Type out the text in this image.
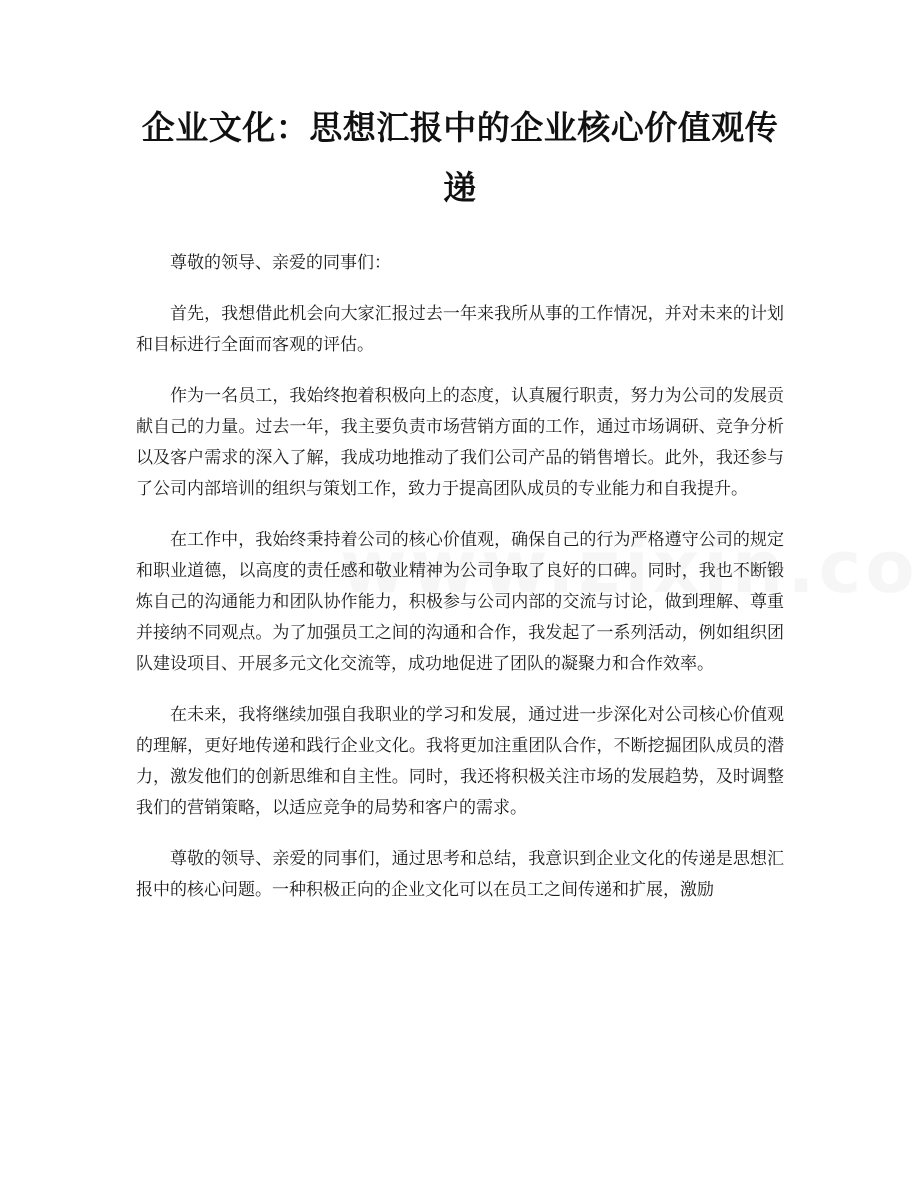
企业文化：思想汇报中的企业核心价值观传递

尊敬的领导、亲爱的同事们：

首先，我想借此机会向大家汇报过去一年来我所从事的工作情况，并对未来的计划和目标进行全面而客观的评估。

作为一名员工，我始终抱着积极向上的态度，认真履行职责，努力为公司的发展贡献自己的力量。过去一年，我主要负责市场营销方面的工作，通过市场调研、竞争分析以及客户需求的深入了解，我成功地推动了我们公司产品的销售增长。此外，我还参与了公司内部培训的组织与策划工作，致力于提高团队成员的专业能力和自我提升。

在工作中，我始终秉持着公司的核心价值观，确保自己的行为严格遵守公司的规定和职业道德，以高度的责任感和敬业精神为公司争取了良好的口碑。同时，我也不断锻炼自己的沟通能力和团队协作能力，积极参与公司内部的交流与讨论，做到理解、尊重并接纳不同观点。为了加强员工之间的沟通和合作，我发起了一系列活动，例如组织团队建设项目、开展多元文化交流等，成功地促进了团队的凝聚力和合作效率。

在未来，我将继续加强自我职业的学习和发展，通过进一步深化对公司核心价值观的理解，更好地传递和践行企业文化。我将更加注重团队合作，不断挖掘团队成员的潜力，激发他们的创新思维和自主性。同时，我还将积极关注市场的发展趋势，及时调整我们的营销策略，以适应竞争的局势和客户的需求。

尊敬的领导、亲爱的同事们，通过思考和总结，我意识到企业文化的传递是思想汇报中的核心问题。一种积极正向的企业文化可以在员工之间传递和扩展，激励
